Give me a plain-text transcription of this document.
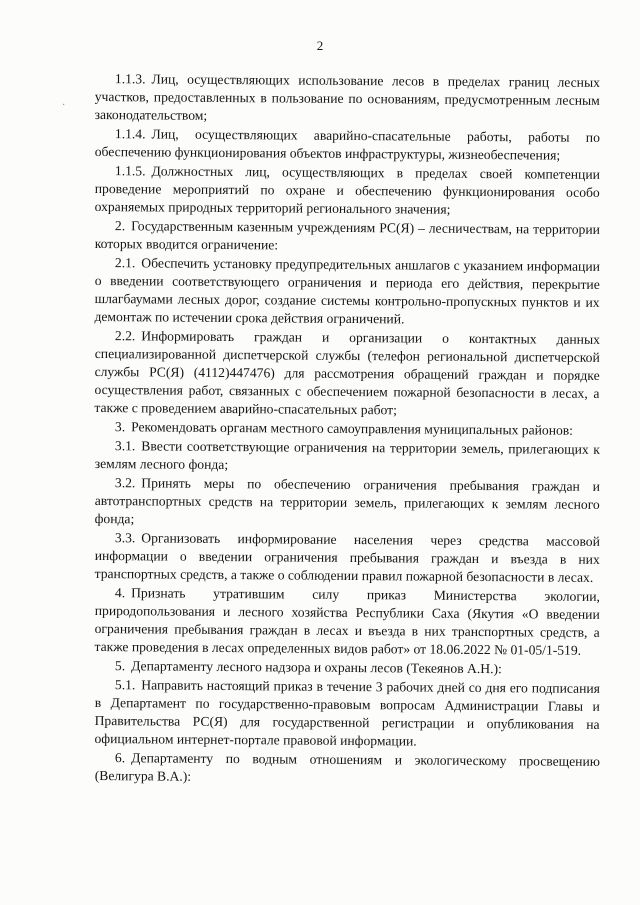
2
·

1.1.3. Лиц, осуществляющих использование лесов в пределах границ лесных участков, предоставленных в пользование по основаниям, предусмотренным лесным законодательством;

1.1.4. Лиц, осуществляющих аварийно-спасательные работы, работы по обеспечению функционирования объектов инфраструктуры, жизнеобеспечения;

1.1.5. Должностных лиц, осуществляющих в пределах своей компетенции проведение мероприятий по охране и обеспечению функционирования особо охраняемых природных территорий регионального значения;

2. Государственным казенным учреждениям РС(Я) – лесничествам, на территории которых вводится ограничение:

2.1. Обеспечить установку предупредительных аншлагов с указанием информации о введении соответствующего ограничения и периода его действия, перекрытие шлагбаумами лесных дорог, создание системы контрольно-пропускных пунктов и их демонтаж по истечении срока действия ограничений.

2.2. Информировать граждан и организации о контактных данных специализированной диспетчерской службы (телефон региональной диспетчерской службы РС(Я) (4112)447476) для рассмотрения обращений граждан и порядке осуществления работ, связанных с обеспечением пожарной безопасности в лесах, а также с проведением аварийно-спасательных работ;

3. Рекомендовать органам местного самоуправления муниципальных районов:

3.1. Ввести соответствующие ограничения на территории земель, прилегающих к землям лесного фонда;

3.2. Принять меры по обеспечению ограничения пребывания граждан и автотранспортных средств на территории земель, прилегающих к землям лесного фонда;

3.3. Организовать информирование населения через средства массовой информации о введении ограничения пребывания граждан и въезда в них транспортных средств, а также о соблюдении правил пожарной безопасности в лесах.

4. Признать утратившим силу приказ Министерства экологии, природопользования и лесного хозяйства Республики Саха (Якутия «О введении ограничения пребывания граждан в лесах и въезда в них транспортных средств, а также проведения в лесах определенных видов работ» от 18.06.2022 № 01-05/1-519.

5. Департаменту лесного надзора и охраны лесов (Текеянов А.Н.):

5.1. Направить настоящий приказ в течение 3 рабочих дней со дня его подписания в Департамент по государственно-правовым вопросам Администрации Главы и Правительства РС(Я) для государственной регистрации и опубликования на официальном интернет-портале правовой информации.

6. Департаменту по водным отношениям и экологическому просвещению (Велигура В.А.):
